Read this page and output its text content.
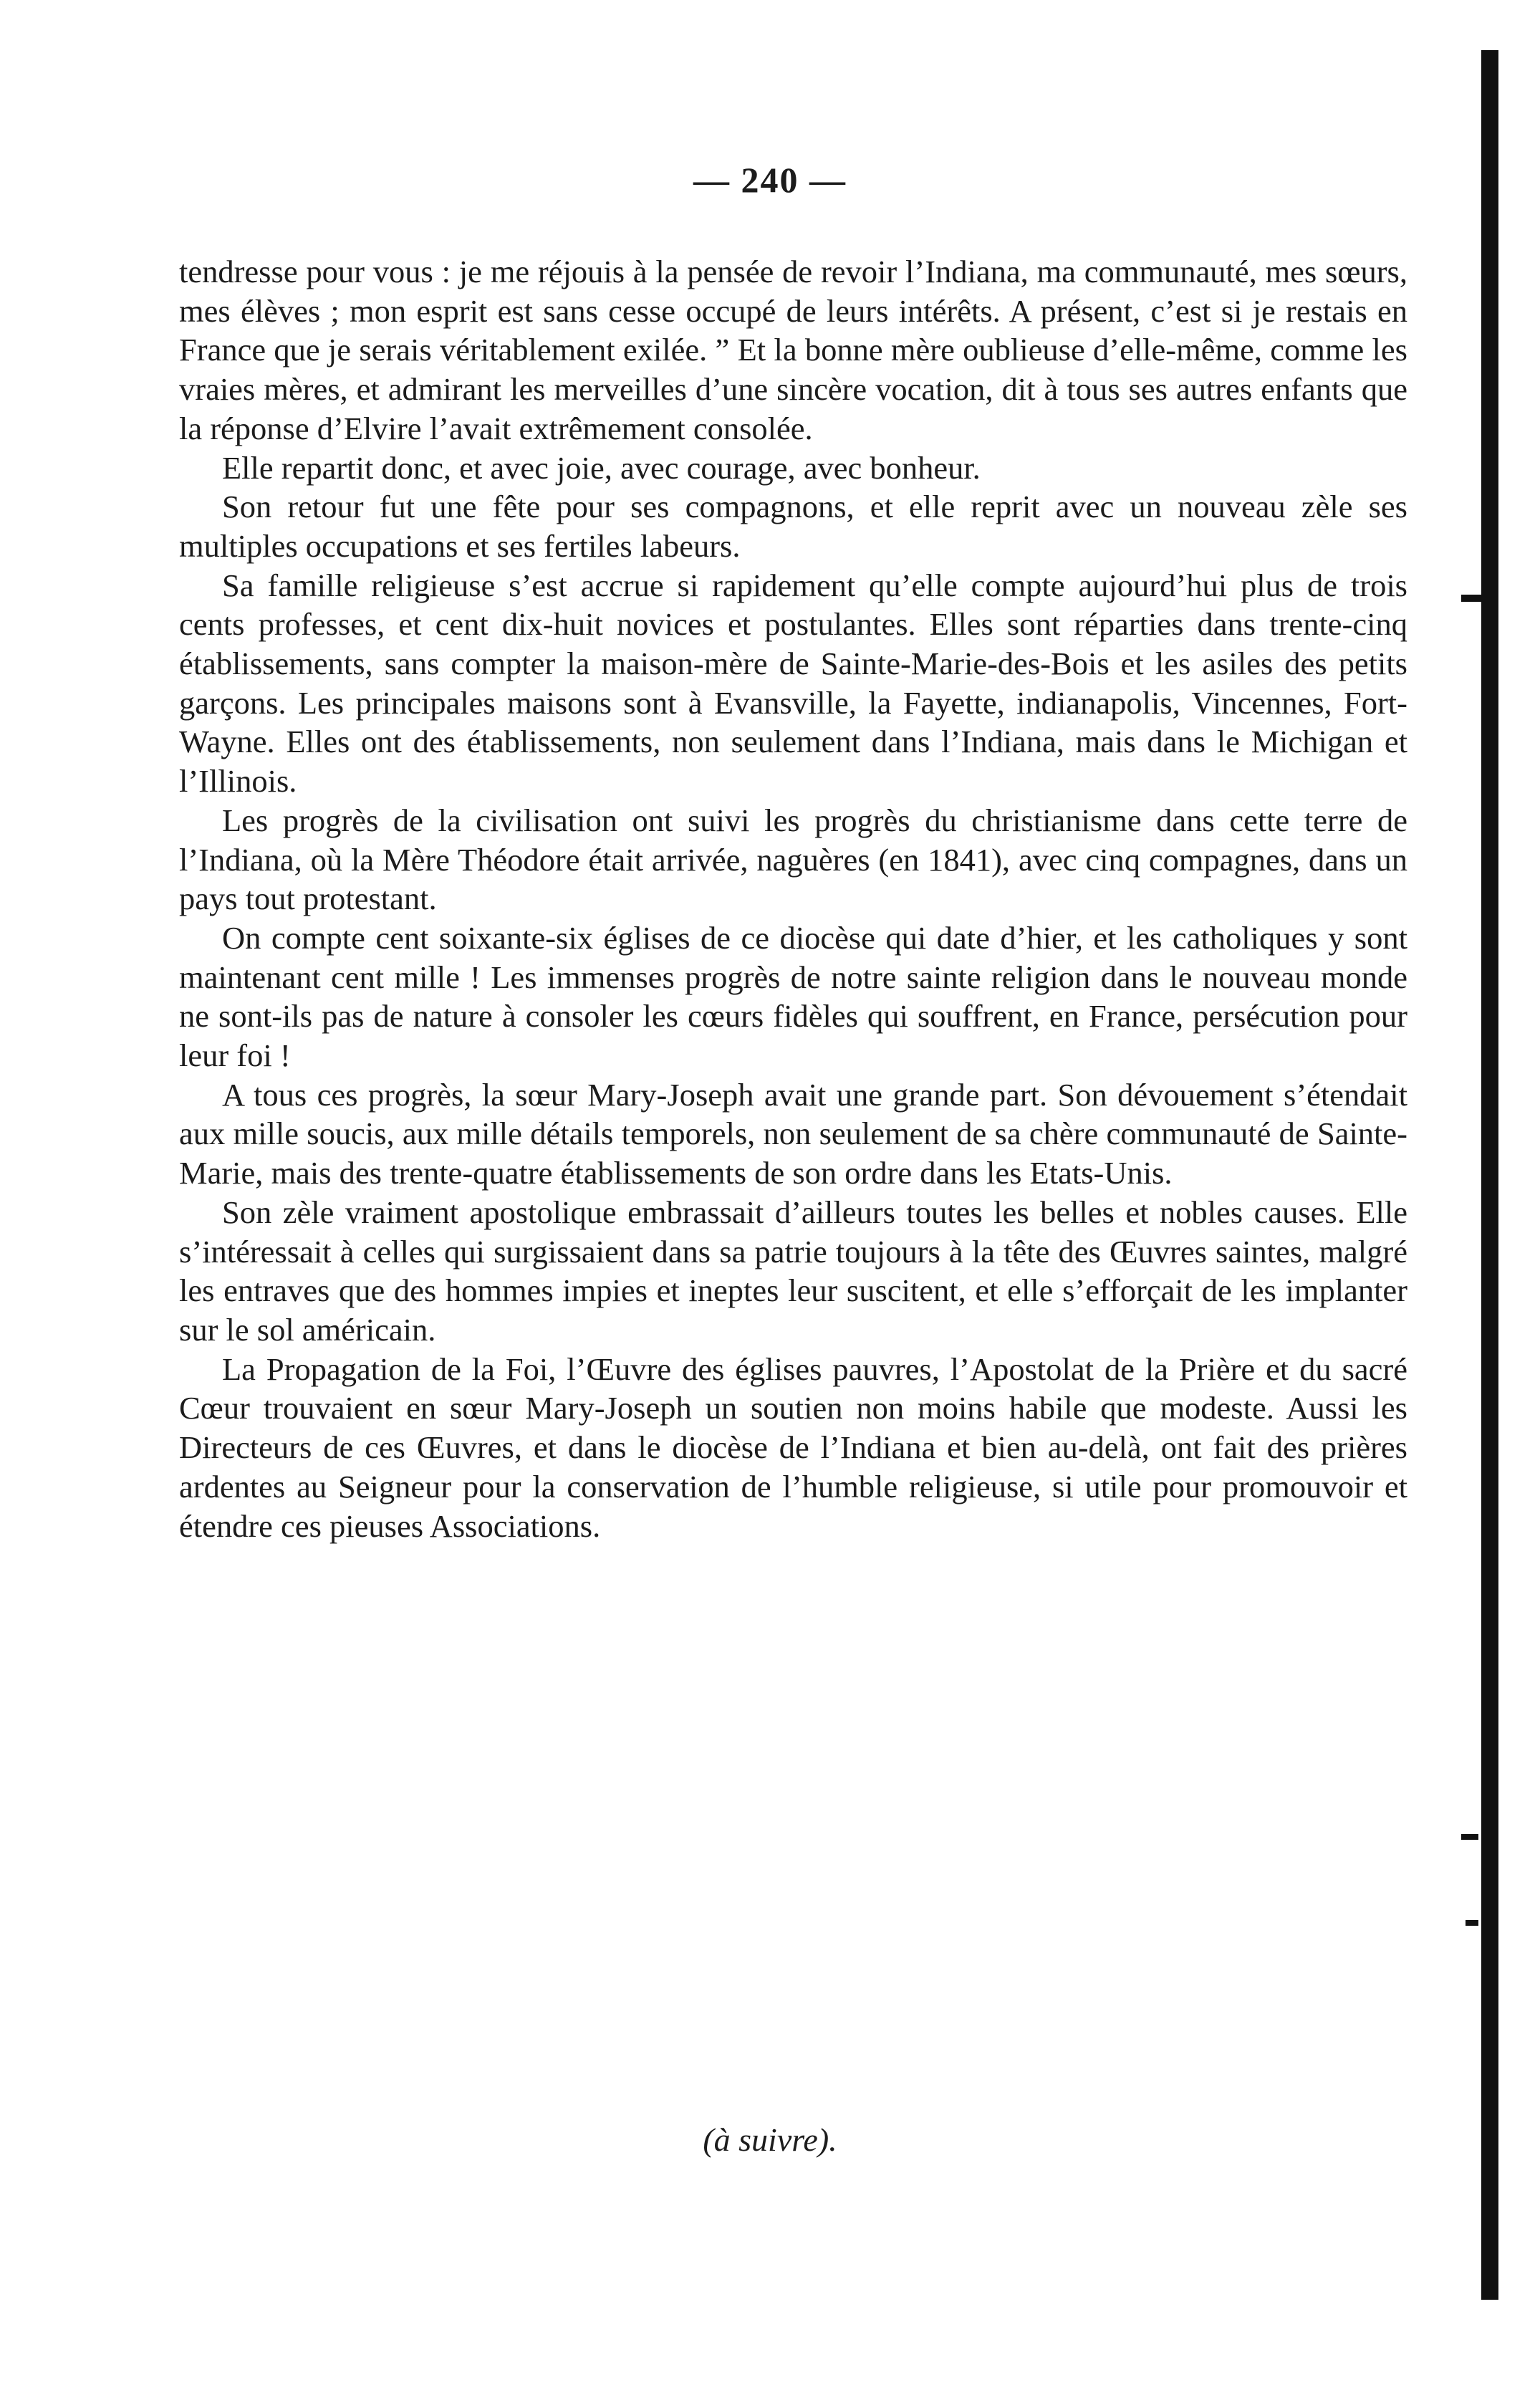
— 240 —

tendresse pour vous : je me réjouis à la pensée de revoir l’Indiana, ma communauté, mes sœurs, mes élèves ; mon esprit est sans cesse occupé de leurs intérêts. A présent, c’est si je restais en France que je serais véritablement exilée. ” Et la bonne mère oublieuse d’elle-même, comme les vraies mères, et admirant les merveilles d’une sincère vocation, dit à tous ses autres enfants que la réponse d’Elvire l’avait extrêmement consolée.

Elle repartit donc, et avec joie, avec courage, avec bonheur.

Son retour fut une fête pour ses compagnons, et elle reprit avec un nouveau zèle ses multiples occupations et ses fertiles labeurs.

Sa famille religieuse s’est accrue si rapidement qu’elle compte aujourd’hui plus de trois cents professes, et cent dix-huit novices et postulantes. Elles sont réparties dans trente-cinq établissements, sans compter la maison-mère de Sainte-Marie-des-Bois et les asiles des petits garçons. Les principales maisons sont à Evansville, la Fayette, indianapolis, Vincennes, Fort-Wayne. Elles ont des établissements, non seulement dans l’Indiana, mais dans le Michigan et l’Illinois.

Les progrès de la civilisation ont suivi les progrès du christianisme dans cette terre de l’Indiana, où la Mère Théodore était arrivée, naguères (en 1841), avec cinq compagnes, dans un pays tout protestant.

On compte cent soixante-six églises de ce diocèse qui date d’hier, et les catholiques y sont maintenant cent mille ! Les immenses progrès de notre sainte religion dans le nouveau monde ne sont-ils pas de nature à consoler les cœurs fidèles qui souffrent, en France, persécution pour leur foi !

A tous ces progrès, la sœur Mary-Joseph avait une grande part. Son dévouement s’étendait aux mille soucis, aux mille détails temporels, non seulement de sa chère communauté de Sainte-Marie, mais des trente-quatre établissements de son ordre dans les Etats-Unis.

Son zèle vraiment apostolique embrassait d’ailleurs toutes les belles et nobles causes. Elle s’intéressait à celles qui surgissaient dans sa patrie toujours à la tête des Œuvres saintes, malgré les entraves que des hommes impies et ineptes leur suscitent, et elle s’efforçait de les implanter sur le sol américain.

La Propagation de la Foi, l’Œuvre des églises pauvres, l’Apostolat de la Prière et du sacré Cœur trouvaient en sœur Mary-Joseph un soutien non moins habile que modeste. Aussi les Directeurs de ces Œuvres, et dans le diocèse de l’Indiana et bien au-delà, ont fait des prières ardentes au Seigneur pour la conservation de l’humble religieuse, si utile pour promouvoir et étendre ces pieuses Associations.

(à suivre).
